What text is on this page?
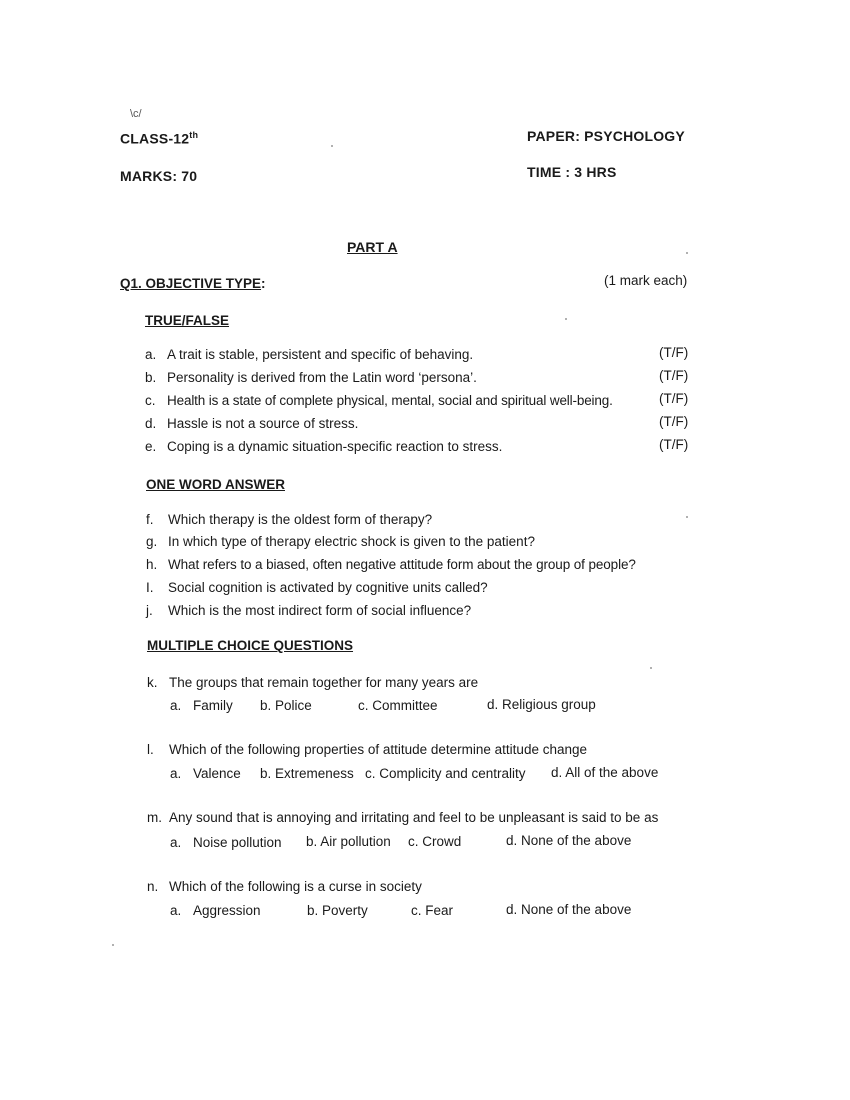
\c/
CLASS-12th	PAPER: PSYCHOLOGY
MARKS: 70	TIME : 3 HRS
PART A
Q1. OBJECTIVE TYPE:	(1 mark each)
TRUE/FALSE
a. A trait is stable, persistent and specific of behaving.	(T/F)
b. Personality is derived from the Latin word ‘persona’.	(T/F)
c. Health is a state of complete physical, mental, social and spiritual well-being.	(T/F)
d. Hassle is not a source of stress.	(T/F)
e. Coping is a dynamic situation-specific reaction to stress.	(T/F)
ONE WORD ANSWER
f. Which therapy is the oldest form of therapy?
g. In which type of therapy electric shock is given to the patient?
h. What refers to a biased, often negative attitude form about the group of people?
I. Social cognition is activated by cognitive units called?
j. Which is the most indirect form of social influence?
MULTIPLE CHOICE QUESTIONS
k. The groups that remain together for many years are
a. Family b. Police	c. Committee	d. Religious group
l. Which of the following properties of attitude determine attitude change
a. Valence b. Extremeness c. Complicity and centrality d. All of the above
m. Any sound that is annoying and irritating and feel to be unpleasant is said to be as
a. Noise pollution b. Air pollution c. Crowd	d. None of the above
n. Which of the following is a curse in society
a. Aggression	b. Poverty	c. Fear	d. None of the above
